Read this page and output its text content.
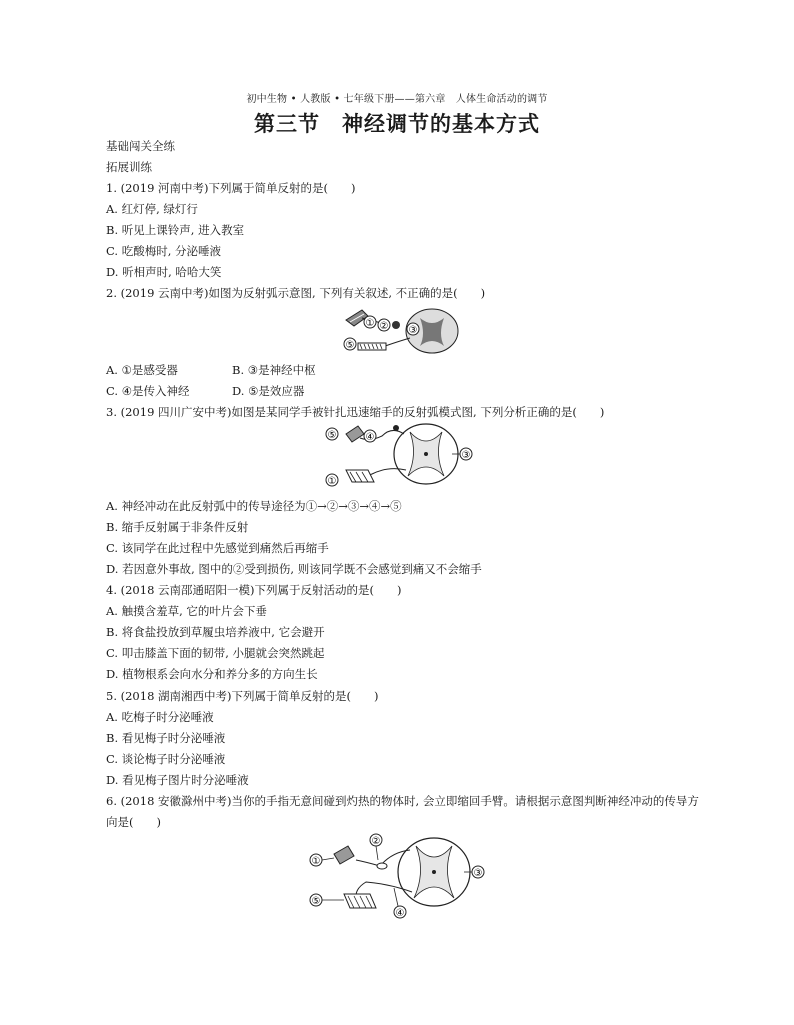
初中生物 • 人教版 • 七年级下册——第六章　人体生命活动的调节
第三节　神经调节的基本方式
基础闯关全练
拓展训练
1. (2019 河南中考)下列属于简单反射的是(　　)
A. 红灯停, 绿灯行
B. 听见上课铃声, 进入教室
C. 吃酸梅时, 分泌唾液
D. 听相声时, 哈哈大笑
2. (2019 云南中考)如图为反射弧示意图, 下列有关叙述, 不正确的是(　　)
① ② ③
⑤
A. ①是感受器	B. ③是神经中枢
C. ④是传入神经	D. ⑤是效应器
3. (2019 四川广安中考)如图是某同学手被针扎迅速缩手的反射弧模式图, 下列分析正确的是(　　)
③
④
⑤
①
A. 神经冲动在此反射弧中的传导途径为①→②→③→④→⑤
B. 缩手反射属于非条件反射
C. 该同学在此过程中先感觉到痛然后再缩手
D. 若因意外事故, 图中的②受到损伤, 则该同学既不会感觉到痛又不会缩手
4. (2018 云南邵通昭阳一模)下列属于反射活动的是(　　)
A. 触摸含羞草, 它的叶片会下垂
B. 将食盐投放到草履虫培养液中, 它会避开
C. 叩击膝盖下面的韧带, 小腿就会突然跳起
D. 植物根系会向水分和养分多的方向生长
5. (2018 湖南湘西中考)下列属于简单反射的是(　　)
A. 吃梅子时分泌唾液
B. 看见梅子时分泌唾液
C. 谈论梅子时分泌唾液
D. 看见梅子图片时分泌唾液
6. (2018 安徽滁州中考)当你的手指无意间碰到灼热的物体时, 会立即缩回手臂。请根据示意图判断神经冲动的传导方向是(　　)
③
②
①
⑤
④
